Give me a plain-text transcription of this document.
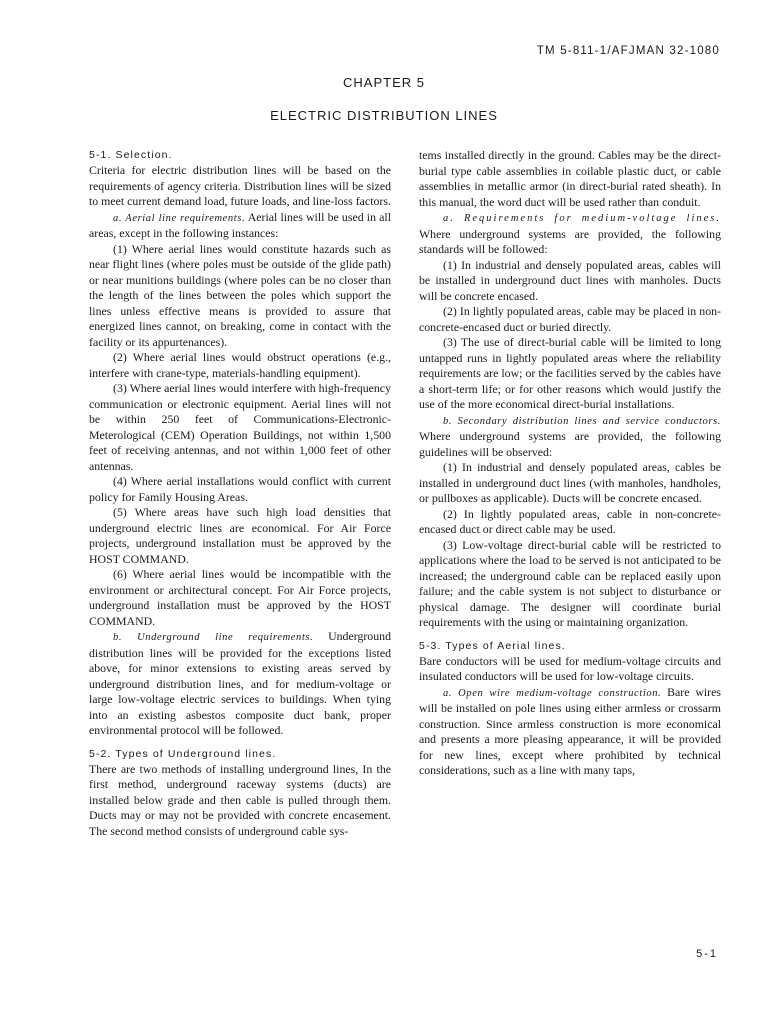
TM 5-811-1/AFJMAN 32-1080
CHAPTER 5
ELECTRIC DISTRIBUTION LINES

5-1. Selection.

Criteria for electric distribution lines will be based on the requirements of agency criteria. Distribution lines will be sized to meet current demand load, future loads, and line-loss factors.

a. Aerial line requirements. Aerial lines will be used in all areas, except in the following instances:

(1) Where aerial lines would constitute hazards such as near flight lines (where poles must be outside of the glide path) or near munitions buildings (where poles can be no closer than the length of the lines between the poles which support the lines unless effective means is provided to assure that energized lines cannot, on breaking, come in contact with the facility or its appurtenances).

(2) Where aerial lines would obstruct operations (e.g., interfere with crane-type, materials-handling equipment).

(3) Where aerial lines would interfere with high-frequency communication or electronic equipment. Aerial lines will not be within 250 feet of Communications-Electronic-Meterological (CEM) Operation Buildings, not within 1,500 feet of receiving antennas, and not within 1,000 feet of other antennas.

(4) Where aerial installations would conflict with current policy for Family Housing Areas.

(5) Where areas have such high load densities that underground electric lines are economical. For Air Force projects, underground installation must be approved by the HOST COMMAND.

(6) Where aerial lines would be incompatible with the environment or architectural concept. For Air Force projects, underground installation must be approved by the HOST COMMAND.

b. Underground line requirements. Underground distribution lines will be provided for the exceptions listed above, for minor extensions to existing areas served by underground distribution lines, and for medium-voltage or large low-voltage electric services to buildings. When tying into an existing asbestos composite duct bank, proper environmental protocol will be followed.

5-2. Types of Underground lines.

There are two methods of installing underground lines, In the first method, underground raceway systems (ducts) are installed below grade and then cable is pulled through them. Ducts may or may not be provided with concrete encasement. The second method consists of underground cable sys-

tems installed directly in the ground. Cables may be the direct-burial type cable assemblies in coilable plastic duct, or cable assemblies in metallic armor (in direct-burial rated sheath). In this manual, the word duct will be used rather than conduit.

a. Requirements for medium-voltage lines. Where underground systems are provided, the following standards will be followed:

(1) In industrial and densely populated areas, cables will be installed in underground duct lines with manholes. Ducts will be concrete encased.

(2) In lightly populated areas, cable may be placed in non-concrete-encased duct or buried directly.

(3) The use of direct-burial cable will be limited to long untapped runs in lightly populated areas where the reliability requirements are low; or the facilities served by the cables have a short-term life; or for other reasons which would justify the use of the more economical direct-burial installations.

b. Secondary distribution lines and service conductors. Where underground systems are provided, the following guidelines will be observed:

(1) In industrial and densely populated areas, cables be installed in underground duct lines (with manholes, handholes, or pullboxes as applicable). Ducts will be concrete encased.

(2) In lightly populated areas, cable in non-concrete-encased duct or direct cable may be used.

(3) Low-voltage direct-burial cable will be restricted to applications where the load to be served is not anticipated to be increased; the underground cable can be replaced easily upon failure; and the cable system is not subject to disturbance or physical damage. The designer will coordinate burial requirements with the using or maintaining organization.

5-3. Types of Aerial lines.

Bare conductors will be used for medium-voltage circuits and insulated conductors will be used for low-voltage circuits.

a. Open wire medium-voltage construction. Bare wires will be installed on pole lines using either armless or crossarm construction. Since armless construction is more economical and presents a more pleasing appearance, it will be provided for new lines, except where prohibited by technical considerations, such as a line with many taps,

5-1
